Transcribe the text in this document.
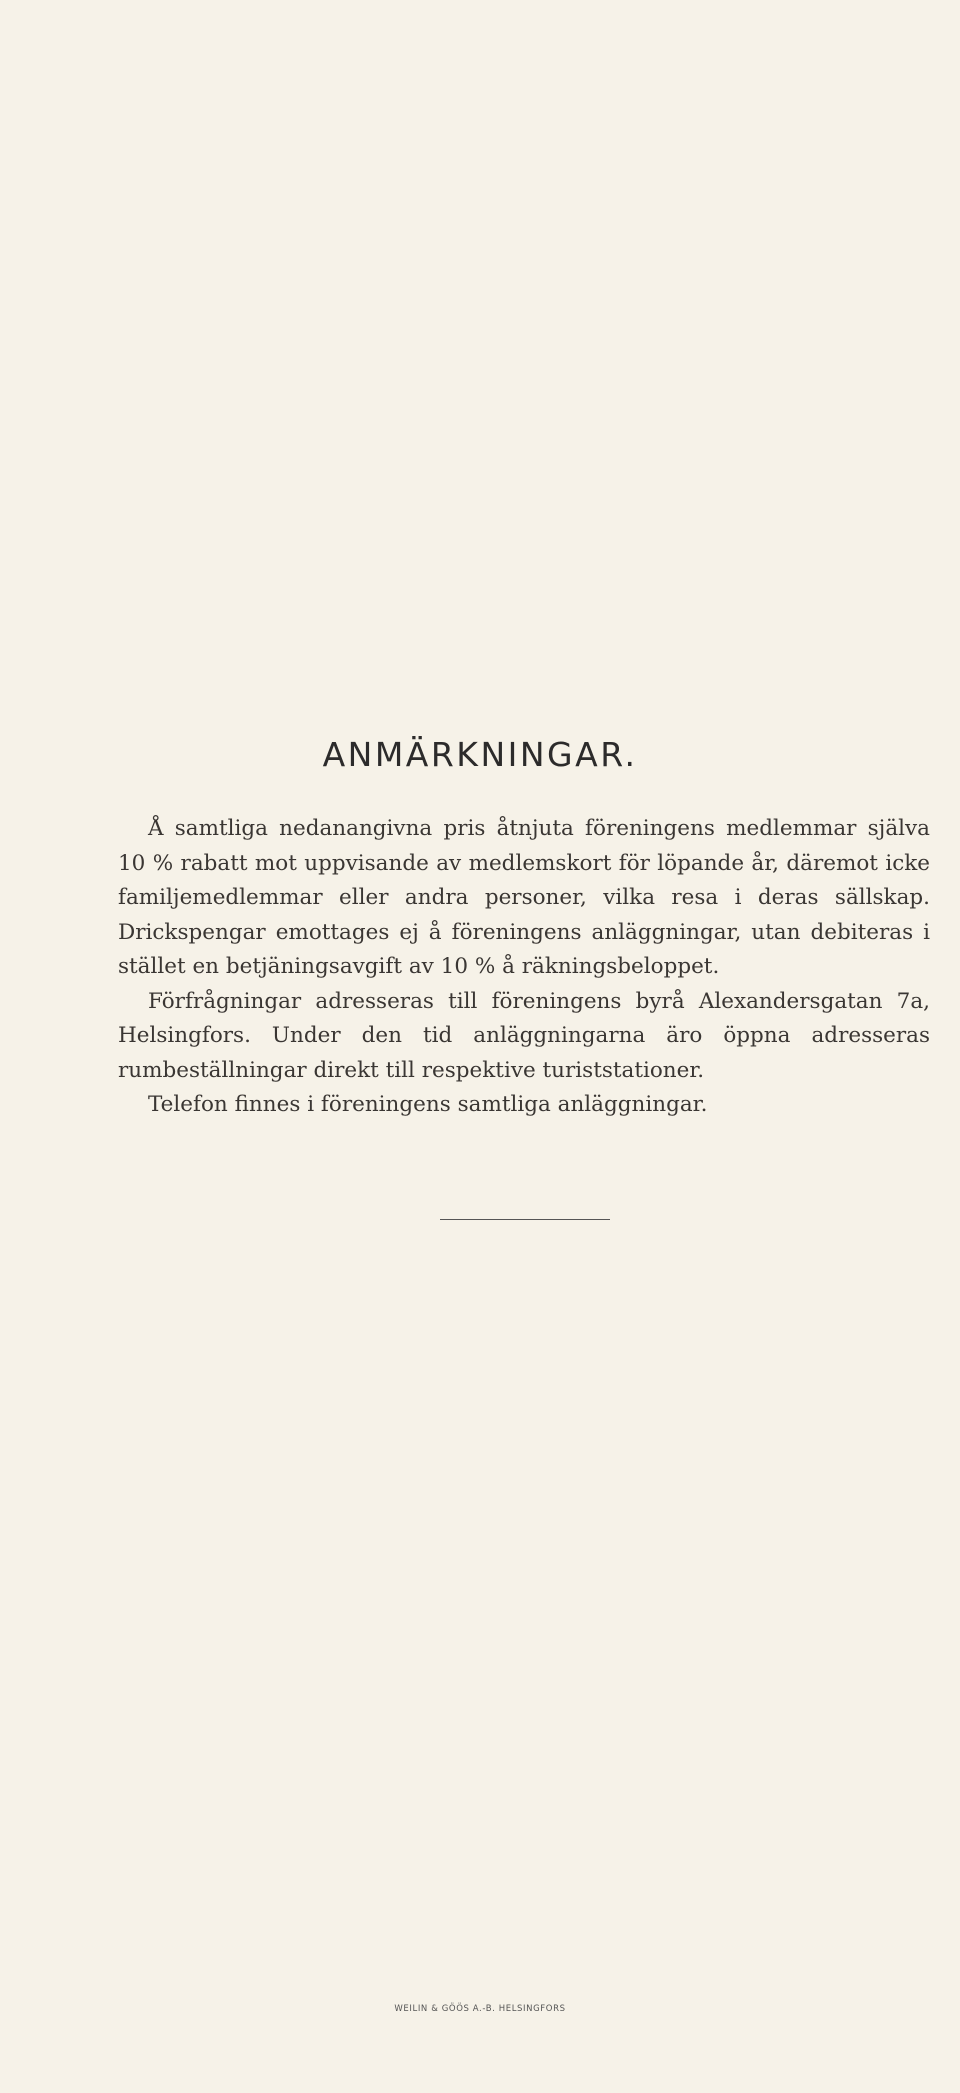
ANMÄRKNINGAR.

Å samtliga nedanangivna pris åtnjuta föreningens medlemmar själva 10 % rabatt mot uppvisande av medlemskort för löpande år, däremot icke familjemedlemmar eller andra personer, vilka resa i deras sällskap. Drickspengar emottages ej å föreningens anläggningar, utan debiteras i stället en betjäningsavgift av 10 % å räkningsbeloppet.

Förfrågningar adresseras till föreningens byrå Alexandersgatan 7a, Helsingfors. Under den tid anläggningarna äro öppna adresseras rumbeställningar direkt till respektive turiststationer.

Telefon finnes i föreningens samtliga anläggningar.

WEILIN & GÖÖS A.-B. HELSINGFORS
